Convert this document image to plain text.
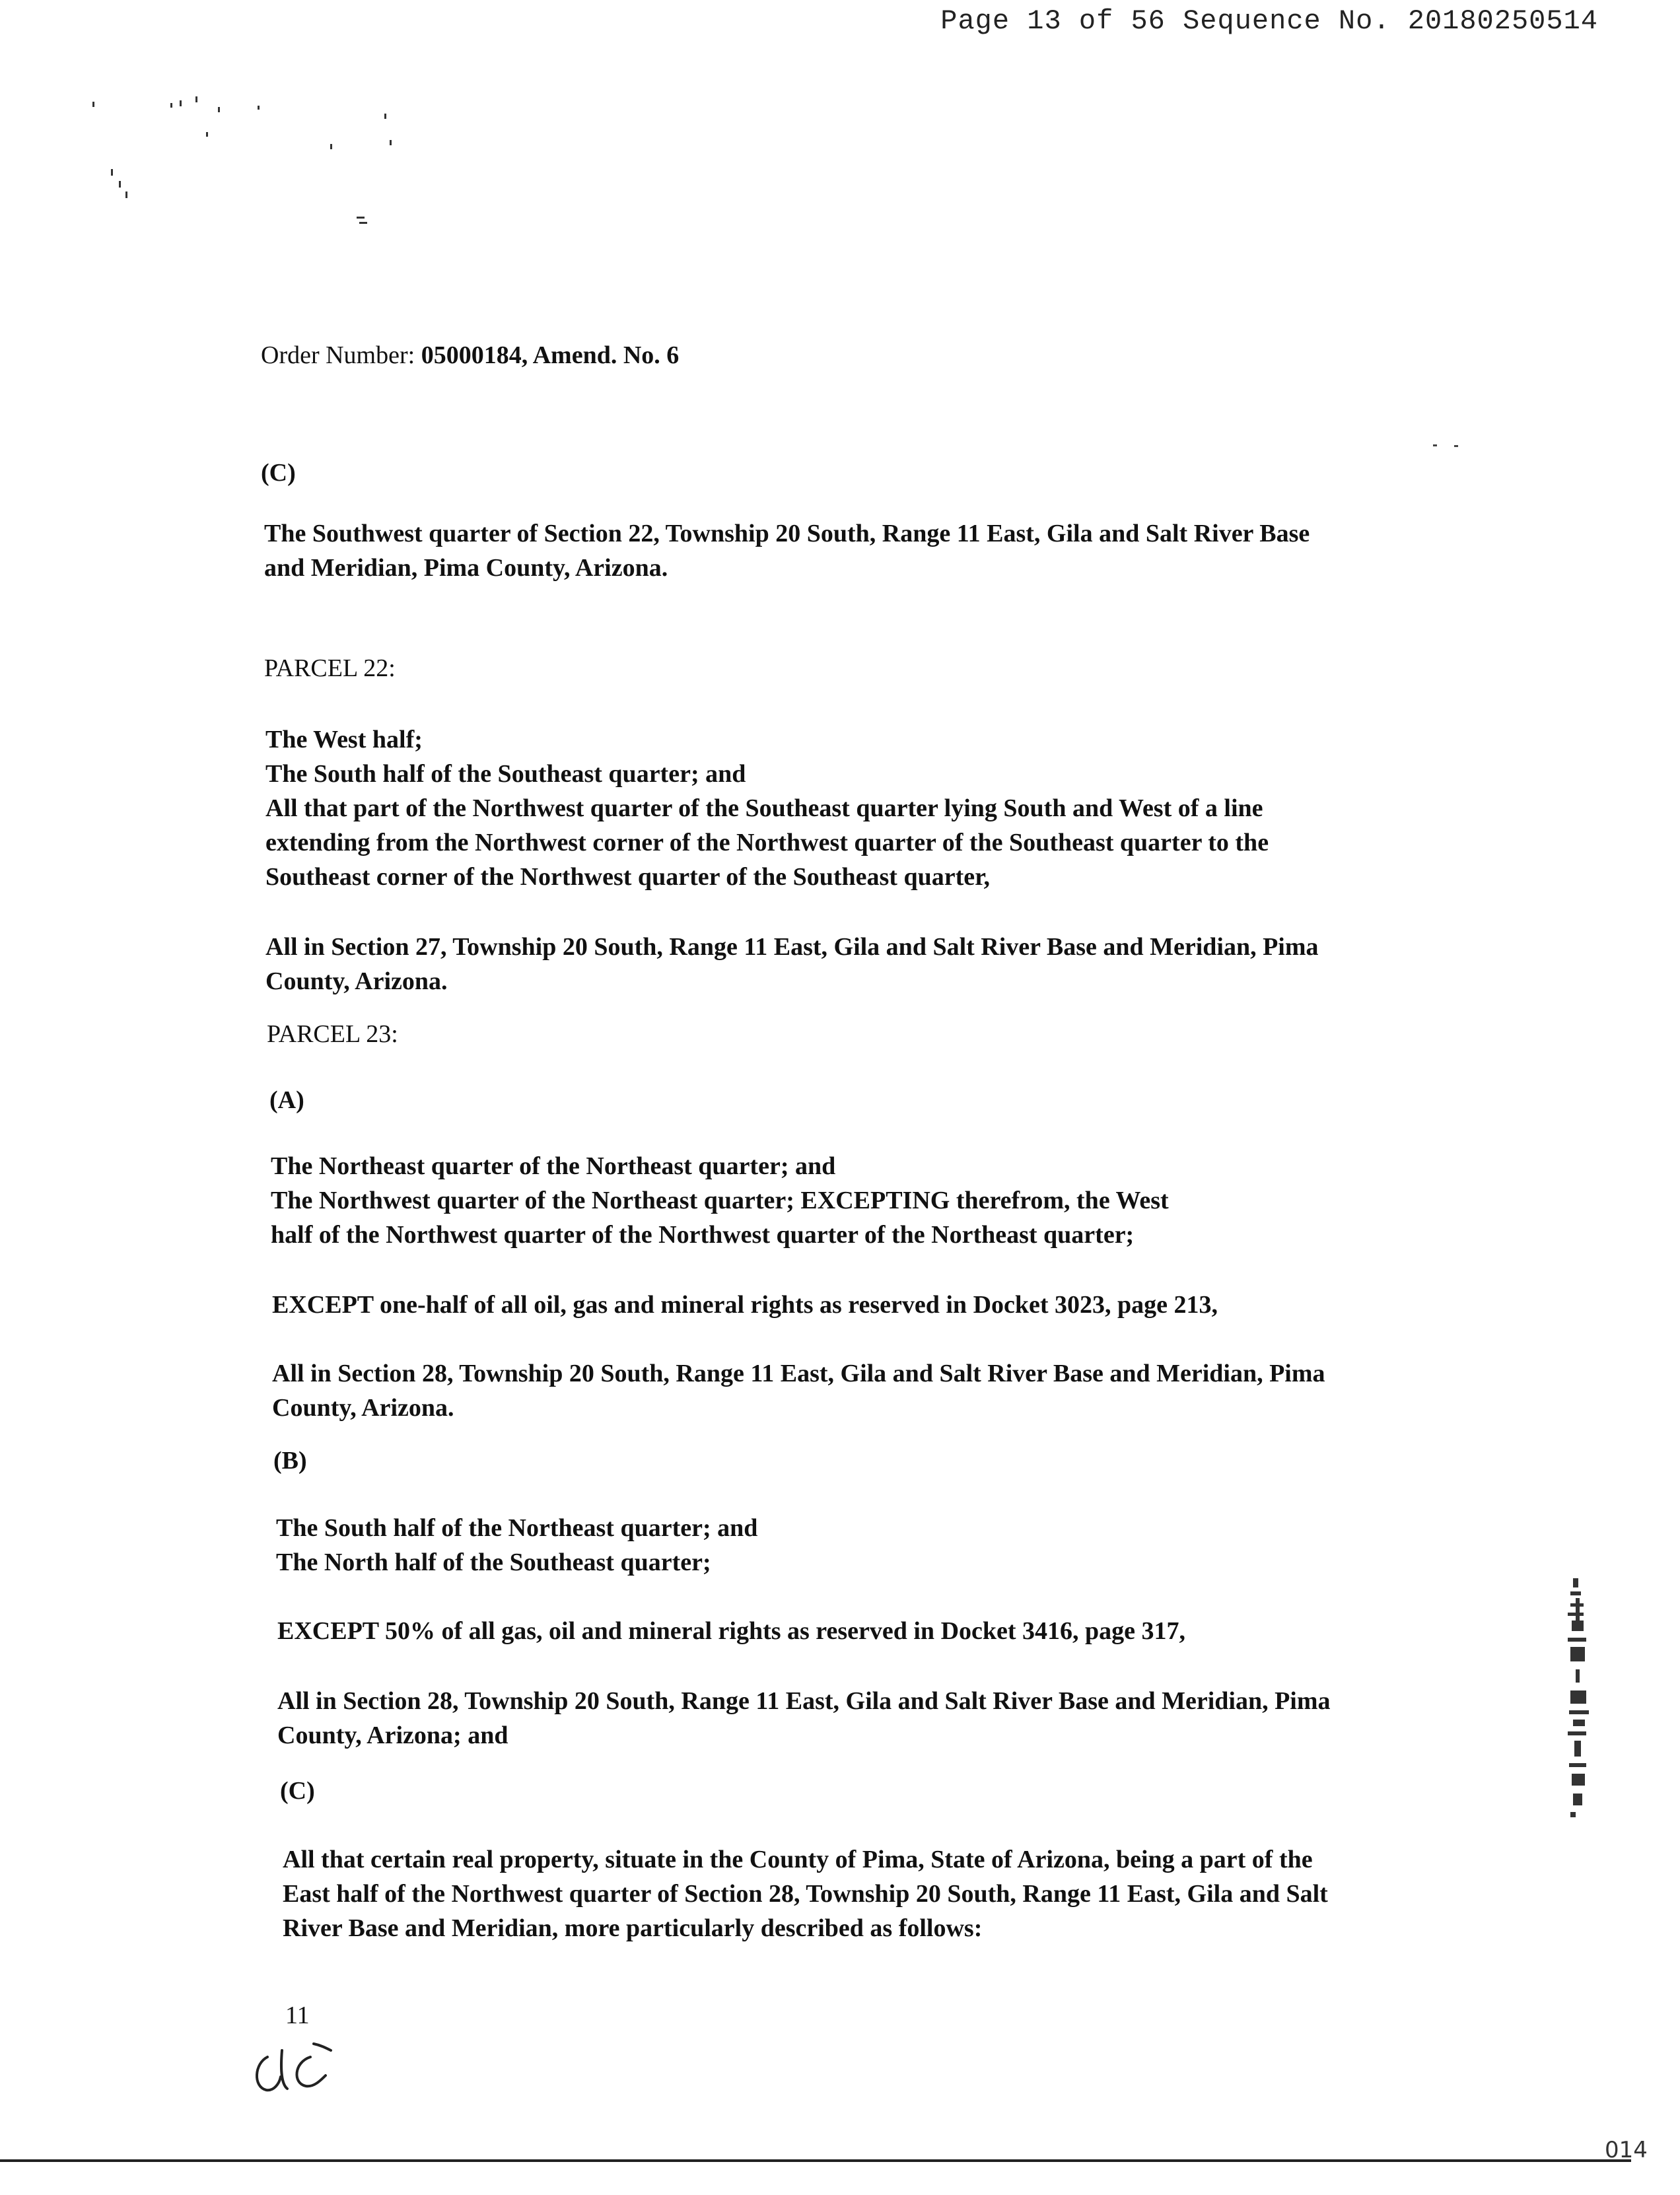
Page 13 of 56 Sequence No. 20180250514
Order Number: 05000184, Amend. No. 6
(C)
The Southwest quarter of Section 22, Township 20 South, Range 11 East, Gila and Salt River Base
and Meridian, Pima County, Arizona.
PARCEL 22:
The West half;
The South half of the Southeast quarter; and
All that part of the Northwest quarter of the Southeast quarter lying South and West of a line
extending from the Northwest corner of the Northwest quarter of the Southeast quarter to the
Southeast corner of the Northwest quarter of the Southeast quarter,
All in Section 27, Township 20 South, Range 11 East, Gila and Salt River Base and Meridian, Pima
County, Arizona.
PARCEL 23:
(A)
The Northeast quarter of the Northeast quarter; and
The Northwest quarter of the Northeast quarter; EXCEPTING therefrom, the West
half of the Northwest quarter of the Northwest quarter of the Northeast quarter;
EXCEPT one-half of all oil, gas and mineral rights as reserved in Docket 3023, page 213,
All in Section 28, Township 20 South, Range 11 East, Gila and Salt River Base and Meridian, Pima
County, Arizona.
(B)
The South half of the Northeast quarter; and
The North half of the Southeast quarter;
EXCEPT 50% of all gas, oil and mineral rights as reserved in Docket 3416, page 317,
All in Section 28, Township 20 South, Range 11 East, Gila and Salt River Base and Meridian, Pima
County, Arizona; and
(C)
All that certain real property, situate in the County of Pima, State of Arizona, being a part of the
East half of the Northwest quarter of Section 28, Township 20 South, Range 11 East, Gila and Salt
River Base and Meridian, more particularly described as follows:
11
014
